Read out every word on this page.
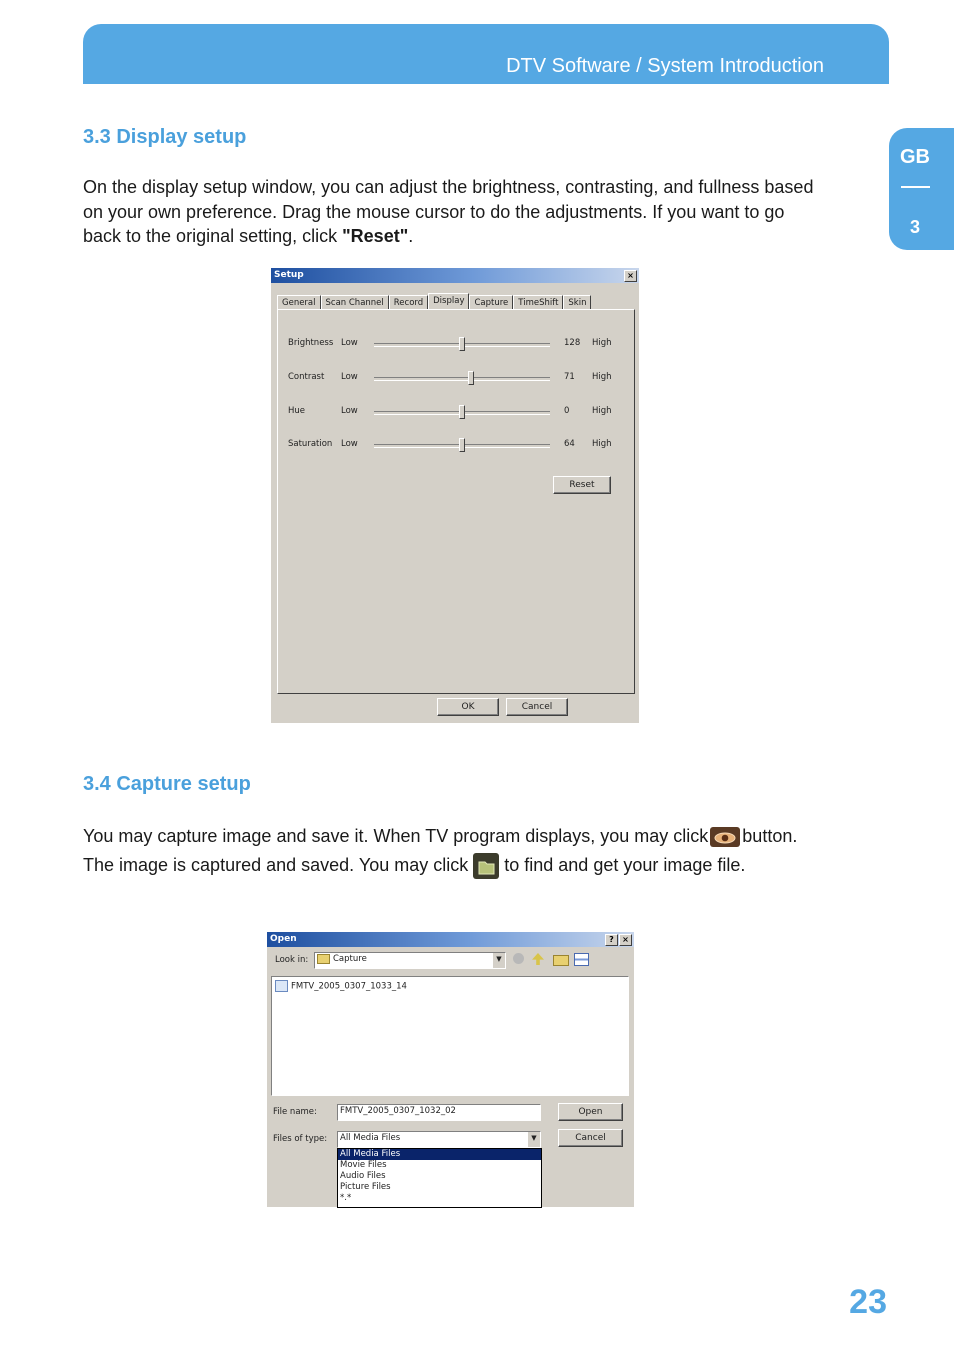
DTV Software / System Introduction
GB
3
3.3 Display setup

On the display setup window, you can adjust the brightness, contrasting, and fullness based on your own preference. Drag the mouse cursor to do the adjustments. If you want to go back to the original setting, click "Reset".

Setup	×
General	Scan Channel	Record	Display	Capture	TimeShift	Skin
Brightness Low	128 High
Contrast Low	71 High
Hue	Low	0	High
Saturation Low	64 High
Reset
OK	Cancel
3.4 Capture setup

You may capture image and save it. When TV program displays, you may click button.
The image is captured and saved. You may click to find and get your image file.

Open	?	×
Look in:	Capture	▼
FMTV_2005_0307_1033_14
File name:	FMTV_2005_0307_1032_02
Files of type:	All Media Files	▼
Open
Cancel
All Media Files
Movie Files
Audio Files
Picture Files
*.*
23
